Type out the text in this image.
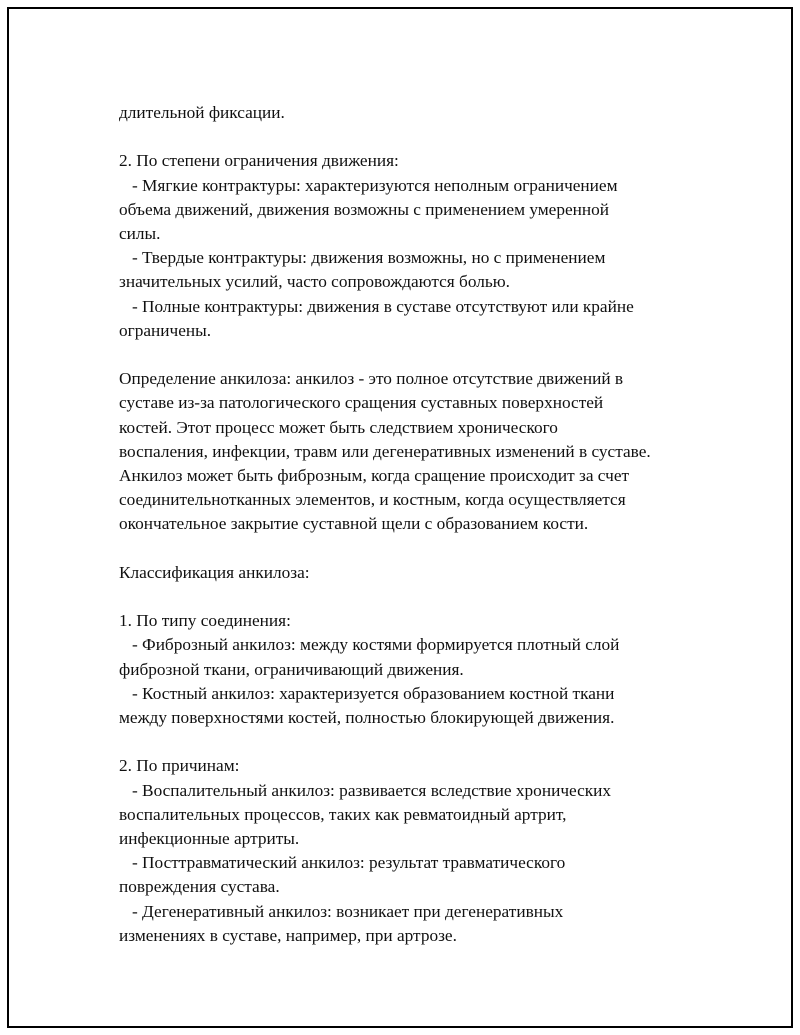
длительной фиксации.
2. По степени ограничения движения:
- Мягкие контрактуры: характеризуются неполным ограничением
объема движений, движения возможны с применением умеренной
силы.
- Твердые контрактуры: движения возможны, но с применением
значительных усилий, часто сопровождаются болью.
- Полные контрактуры: движения в суставе отсутствуют или крайне
ограничены.
Определение анкилоза: анкилоз - это полное отсутствие движений в
суставе из-за патологического сращения суставных поверхностей
костей. Этот процесс может быть следствием хронического
воспаления, инфекции, травм или дегенеративных изменений в суставе.
Анкилоз может быть фиброзным, когда сращение происходит за счет
соединительнотканных элементов, и костным, когда осуществляется
окончательное закрытие суставной щели с образованием кости.
Классификация анкилоза:
1. По типу соединения:
- Фиброзный анкилоз: между костями формируется плотный слой
фиброзной ткани, ограничивающий движения.
- Костный анкилоз: характеризуется образованием костной ткани
между поверхностями костей, полностью блокирующей движения.
2. По причинам:
- Воспалительный анкилоз: развивается вследствие хронических
воспалительных процессов, таких как ревматоидный артрит,
инфекционные артриты.
- Посттравматический анкилоз: результат травматического
повреждения сустава.
- Дегенеративный анкилоз: возникает при дегенеративных
изменениях в суставе, например, при артрозе.
